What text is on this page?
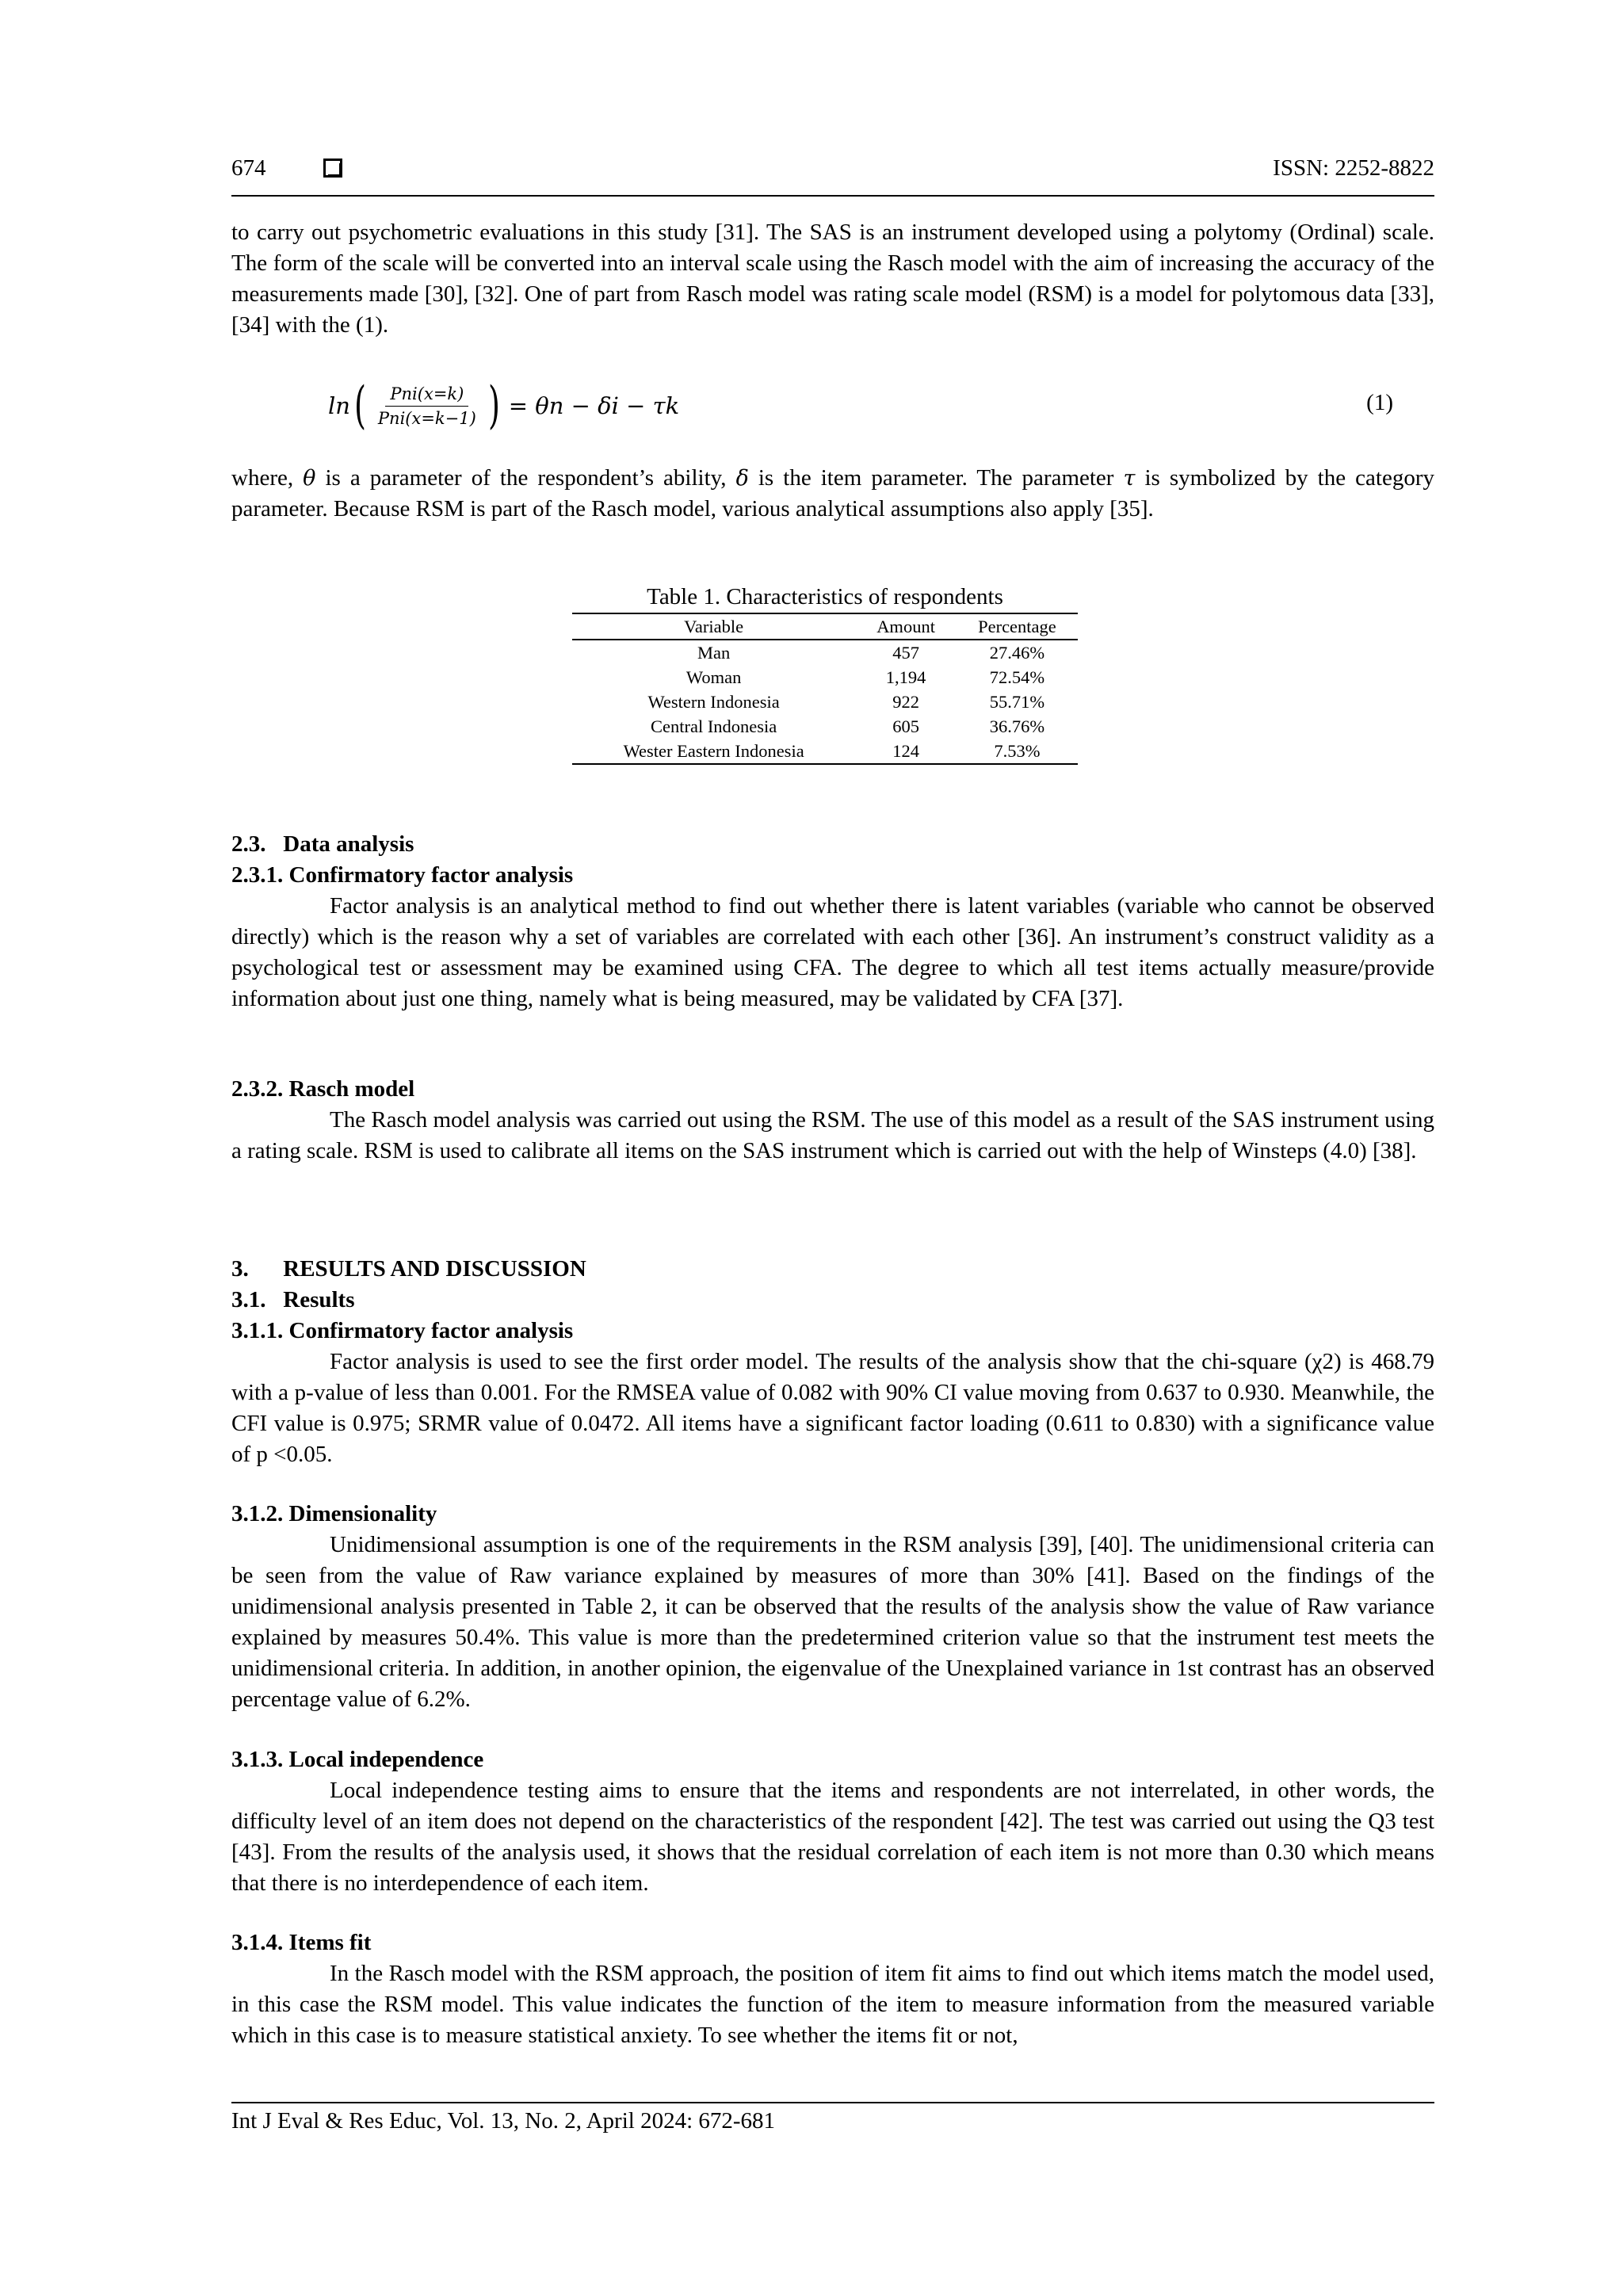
674	ISSN: 2252-8822

to carry out psychometric evaluations in this study [31]. The SAS is an instrument developed using a polytomy (Ordinal) scale. The form of the scale will be converted into an interval scale using the Rasch model with the aim of increasing the accuracy of the measurements made [30], [32]. One of part from Rasch model was rating scale model (RSM) is a model for polytomous data [33], [34] with the (1).

ln ( $\frac{\text{Pni(x=k)}}{\text{Pni(x=k−1)}}$ ) = θn − δi − τk	(1)

where, θ is a parameter of the respondent’s ability, δ is the item parameter. The parameter τ is symbolized by the category parameter. Because RSM is part of the Rasch model, various analytical assumptions also apply [35].

Table 1. Characteristics of respondents
Variable	Amount	Percentage
Man	457	27.46%
Woman	1,194	72.54%
Western Indonesia	922	55.71%
Central Indonesia	605	36.76%
Wester Eastern Indonesia	124	7.53%
2.3.   Data analysis
2.3.1. Confirmatory factor analysis

Factor analysis is an analytical method to find out whether there is latent variables (variable who cannot be observed directly) which is the reason why a set of variables are correlated with each other [36]. An instrument’s construct validity as a psychological test or assessment may be examined using CFA. The degree to which all test items actually measure/provide information about just one thing, namely what is being measured, may be validated by CFA [37].

2.3.2. Rasch model

The Rasch model analysis was carried out using the RSM. The use of this model as a result of the SAS instrument using a rating scale. RSM is used to calibrate all items on the SAS instrument which is carried out with the help of Winsteps (4.0) [38].

3.      RESULTS AND DISCUSSION
3.1.   Results
3.1.1. Confirmatory factor analysis

Factor analysis is used to see the first order model. The results of the analysis show that the chi-square (χ2) is 468.79 with a p-value of less than 0.001. For the RMSEA value of 0.082 with 90% CI value moving from 0.637 to 0.930. Meanwhile, the CFI value is 0.975; SRMR value of 0.0472. All items have a significant factor loading (0.611 to 0.830) with a significance value of p <0.05.

3.1.2. Dimensionality

Unidimensional assumption is one of the requirements in the RSM analysis [39], [40]. The unidimensional criteria can be seen from the value of Raw variance explained by measures of more than 30% [41]. Based on the findings of the unidimensional analysis presented in Table 2, it can be observed that the results of the analysis show the value of Raw variance explained by measures 50.4%. This value is more than the predetermined criterion value so that the instrument test meets the unidimensional criteria. In addition, in another opinion, the eigenvalue of the Unexplained variance in 1st contrast has an observed percentage value of 6.2%.

3.1.3. Local independence

Local independence testing aims to ensure that the items and respondents are not interrelated, in other words, the difficulty level of an item does not depend on the characteristics of the respondent [42]. The test was carried out using the Q3 test [43]. From the results of the analysis used, it shows that the residual correlation of each item is not more than 0.30 which means that there is no interdependence of each item.

3.1.4. Items fit

In the Rasch model with the RSM approach, the position of item fit aims to find out which items match the model used, in this case the RSM model. This value indicates the function of the item to measure information from the measured variable which in this case is to measure statistical anxiety. To see whether the items fit or not,

Int J Eval & Res Educ, Vol. 13, No. 2, April 2024: 672-681
